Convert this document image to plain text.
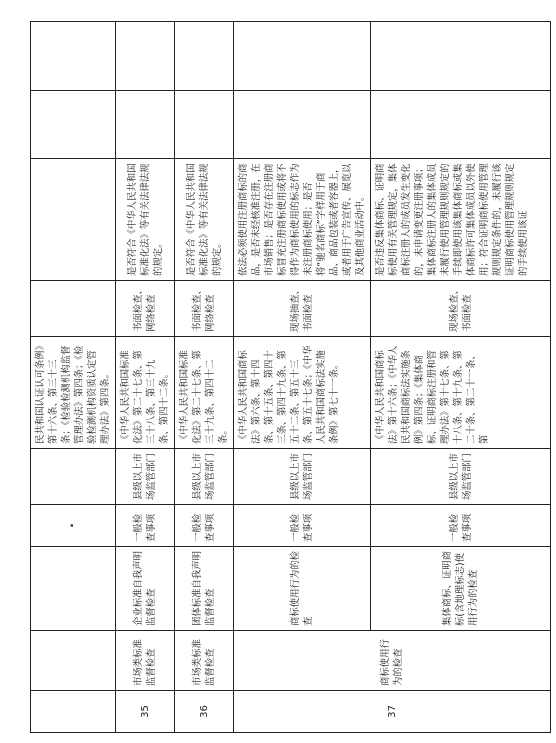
			·		民共和国认证认可条例》第十六条、第三十三条；《检验检测机构监督管理办法》第四条；《检验检测机构资质认定管理办法》第四条。				
35	市场类标准监督检查	企业标准自我声明监督检查	一般检查事项	县级以上市场监管部门	《中华人民共和国标准化法》第二十七条、第三十八条、第三十九条、第四十二条。	书面检查、网络检查	是否符合《中华人民共和国标准化法》等有关法律法规的规定。		
36	市场类标准监督检查	团体标准自我声明监督检查	一般检查事项	县级以上市场监管部门	《中华人民共和国标准化法》第二十七条、第三十九条、第四十二条。	书面检查、网络检查	是否符合《中华人民共和国标准化法》等有关法律法规的规定。		
37	商标使用行为的检查	商标使用行为的检查	一般检查事项	县级以上市场监管部门	《中华人民共和国商标法》第六条、第十四条、第十五条、第四十三条、第四十九条、第五十二条、第五十三条、第五十七条；《中华人民共和国商标法实施条例》第七十一条。	现场抽查、书面检查	依法必须使用注册商标的商品，是否未经核准注册，在市场销售；是否存在注册商标冒充注册商标使用或将不得作为商标使用的标志作为未注册商标使用；是否将“驰名商标”字样用于商品、商品包装或者容器上，或者用于广告宣传、展览以及其他商业活动中。		
		集体商标、证明商标(含地理标志)使用行为的检查	一般检查事项	县级以上市场监管部门	《中华人民共和国商标法》第十六条；《中华人民共和国商标法实施条例》第四条；《集体商标、证明商标注册和管理办法》第十七条、第十八条、第十九条、第二十条、第二十一条、第	现场检查、书面检查	是否违反集体商标、证明商标使用有关管理规定，集体商标注册人的成员发生变化的，未申请变更注册事项；集体商标注册人的集体成员未履行使用管理规则规定的手续即使用该集体商标或集体商标许可集体成员以外使用；符合证明商标使用管理规则规定条件的，未履行该证明商标使用管理规则规定的手续使用该证		
